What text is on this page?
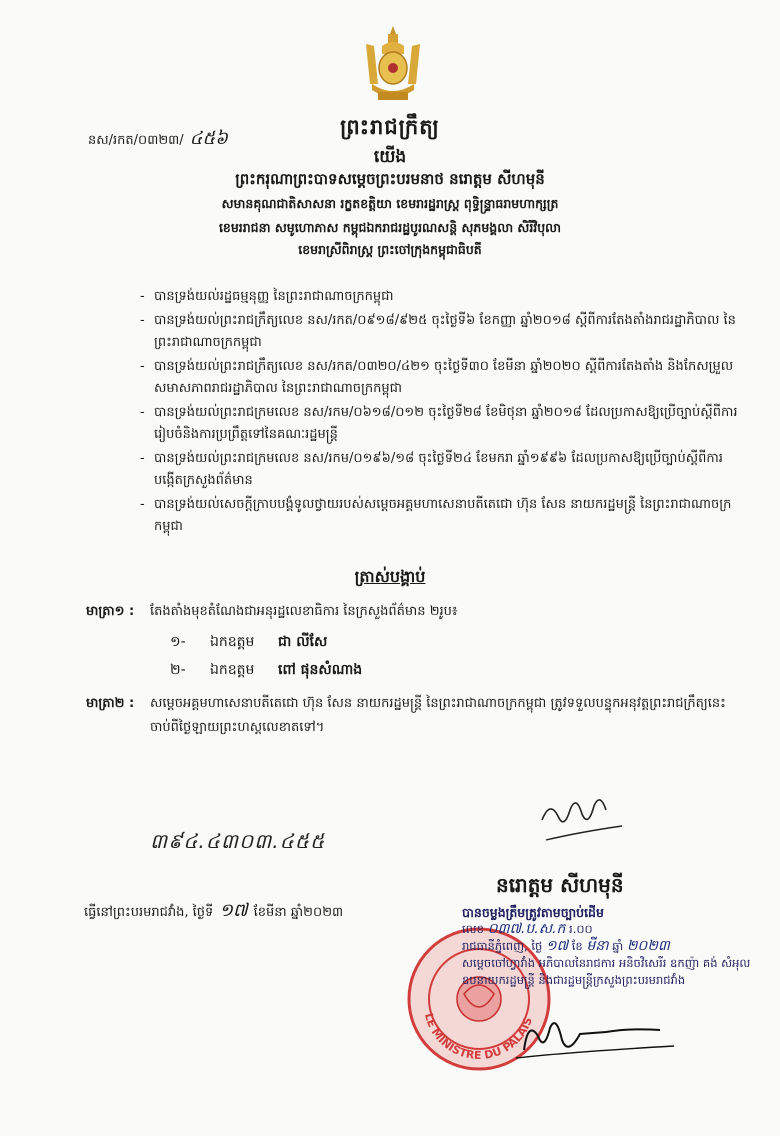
ព្រះរាជក្រឹត្យ
នស/រកត/០៣២៣/ ៤៥៦
យើង
ព្រះករុណាព្រះបាទសម្តេចព្រះបរមនាថ នរោត្តម សីហមុនី
សមានគុណជាតិសាសនា រក្ខតខត្តិយា ខេមរារដ្ឋរាស្ត្រ ពុទ្ធិន្ទ្រាធរាមហាក្សត្រ
ខេមររាជនា សមូហោភាស កម្ពុជឯករាជរដ្ឋបូរណសន្តិ សុភមង្គលា សិរីវិបុលា
ខេមរាស្រីពិរាស្ត្រ ព្រះចៅក្រុងកម្ពុជាធិបតី
- បានទ្រង់យល់រដ្ឋធម្មនុញ្ញ នៃព្រះរាជាណាចក្រកម្ពុជា
- បានទ្រង់យល់ព្រះរាជក្រឹត្យលេខ នស/រកត/០៩១៨/៩២៥ ចុះថ្ងៃទី៦ ខែកញ្ញា ឆ្នាំ២០១៨ ស្តីពីការតែងតាំងរាជរដ្ឋាភិបាល នៃព្រះរាជាណាចក្រកម្ពុជា
- បានទ្រង់យល់ព្រះរាជក្រឹត្យលេខ នស/រកត/០៣២០/៤២១ ចុះថ្ងៃទី៣០ ខែមីនា ឆ្នាំ២០២០ ស្តីពីការតែងតាំង និងកែសម្រួលសមាសភាពរាជរដ្ឋាភិបាល នៃព្រះរាជាណាចក្រកម្ពុជា
- បានទ្រង់យល់ព្រះរាជក្រមលេខ នស/រកម/០៦១៨/០១២ ចុះថ្ងៃទី២៨ ខែមិថុនា ឆ្នាំ២០១៨ ដែលប្រកាសឱ្យប្រើច្បាប់ស្តីពីការរៀបចំនិងការប្រព្រឹត្តទៅនៃគណៈរដ្ឋមន្ត្រី
- បានទ្រង់យល់ព្រះរាជក្រមលេខ នស/រកម/០១៩៦/១៨ ចុះថ្ងៃទី២៤ ខែមករា ឆ្នាំ១៩៩៦ ដែលប្រកាសឱ្យប្រើច្បាប់ស្តីពីការបង្កើតក្រសួងព័ត៌មាន
- បានទ្រង់យល់សេចក្តីក្រាបបង្គំទូលថ្វាយរបស់សម្តេចអគ្គមហាសេនាបតីតេជោ ហ៊ុន សែន នាយករដ្ឋមន្ត្រី នៃព្រះរាជាណាចក្រកម្ពុជា
ត្រាស់បង្គាប់
មាត្រា១ : តែងតាំងមុខតំណែងជាអនុរដ្ឋលេខាធិការ នៃក្រសួងព័ត៌មាន ២រូប៖
១- ឯកឧត្តម ជា លីសែ
២- ឯកឧត្តម ពៅ ផុនសំណាង
មាត្រា២ : សម្តេចអគ្គមហាសេនាបតីតេជោ ហ៊ុន សែន នាយករដ្ឋមន្ត្រី នៃព្រះរាជាណាចក្រកម្ពុជា ត្រូវទទួលបន្ទុកអនុវត្តព្រះរាជក្រឹត្យនេះ ចាប់ពីថ្ងៃឡាយព្រះហស្តលេខាតទៅ។
៣៩៤.៤៣០៣.៤៥៥
នរោត្តម សីហមុនី
ធ្វើនៅព្រះបរមរាជវាំង, ថ្ងៃទី ១៧ ខែមីនា ឆ្នាំ២០២៣
LE MINISTRE DU PALAIS
បានចម្លងត្រឹមត្រូវតាមច្បាប់ដើម
លេខ ០៣៧.ប.ស.ក រ.០០
រាជធានីភ្នំពេញ, ថ្ងៃ ១៧ ខែ មីនា ឆ្នាំ ២០២៣
សម្តេចចៅហ្វាវាំង អភិបាលនៃរាជការ អនិចវិសេរីរ ឧកញ៉ា គង់ សំអុល
ឧបនាយករដ្ឋមន្ត្រី និងជារដ្ឋមន្ត្រីក្រសួងព្រះបរមរាជវាំង
